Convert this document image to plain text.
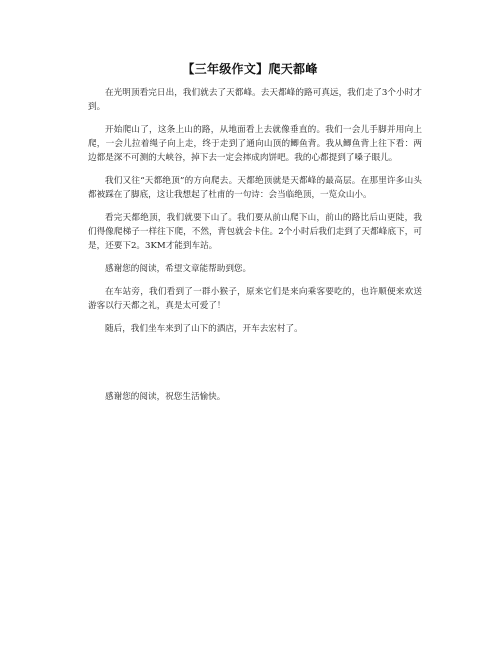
【三年级作文】爬天都峰

在光明顶看完日出，我们就去了天都峰。去天都峰的路可真远，我们走了3个小时才到。

开始爬山了，这条上山的路，从地面看上去就像垂直的。我们一会儿手脚并用向上爬，一会儿拉着绳子向上走，终于走到了通向山顶的鲫鱼背。我从鲫鱼背上往下看：两边都是深不可测的大峡谷，掉下去一定会摔成肉饼吧。我的心都提到了嗓子眼儿。

我们又往“天都绝顶”的方向爬去。天都绝顶就是天都峰的最高层。在那里许多山头都被踩在了脚底，这让我想起了杜甫的一句诗：会当临绝顶，一览众山小。

看完天都绝顶，我们就要下山了。我们要从前山爬下山，前山的路比后山更陡，我们得像爬梯子一样往下爬，不然，背包就会卡住。2个小时后我们走到了天都峰底下，可是，还要下2。3KM才能到车站。

感谢您的阅读，希望文章能帮助到您。

在车站旁，我们看到了一群小猴子，原来它们是来向乘客要吃的，也许顺便来欢送游客以行天都之礼，真是太可爱了！

随后，我们坐车来到了山下的酒店，开车去宏村了。

感谢您的阅读，祝您生活愉快。
